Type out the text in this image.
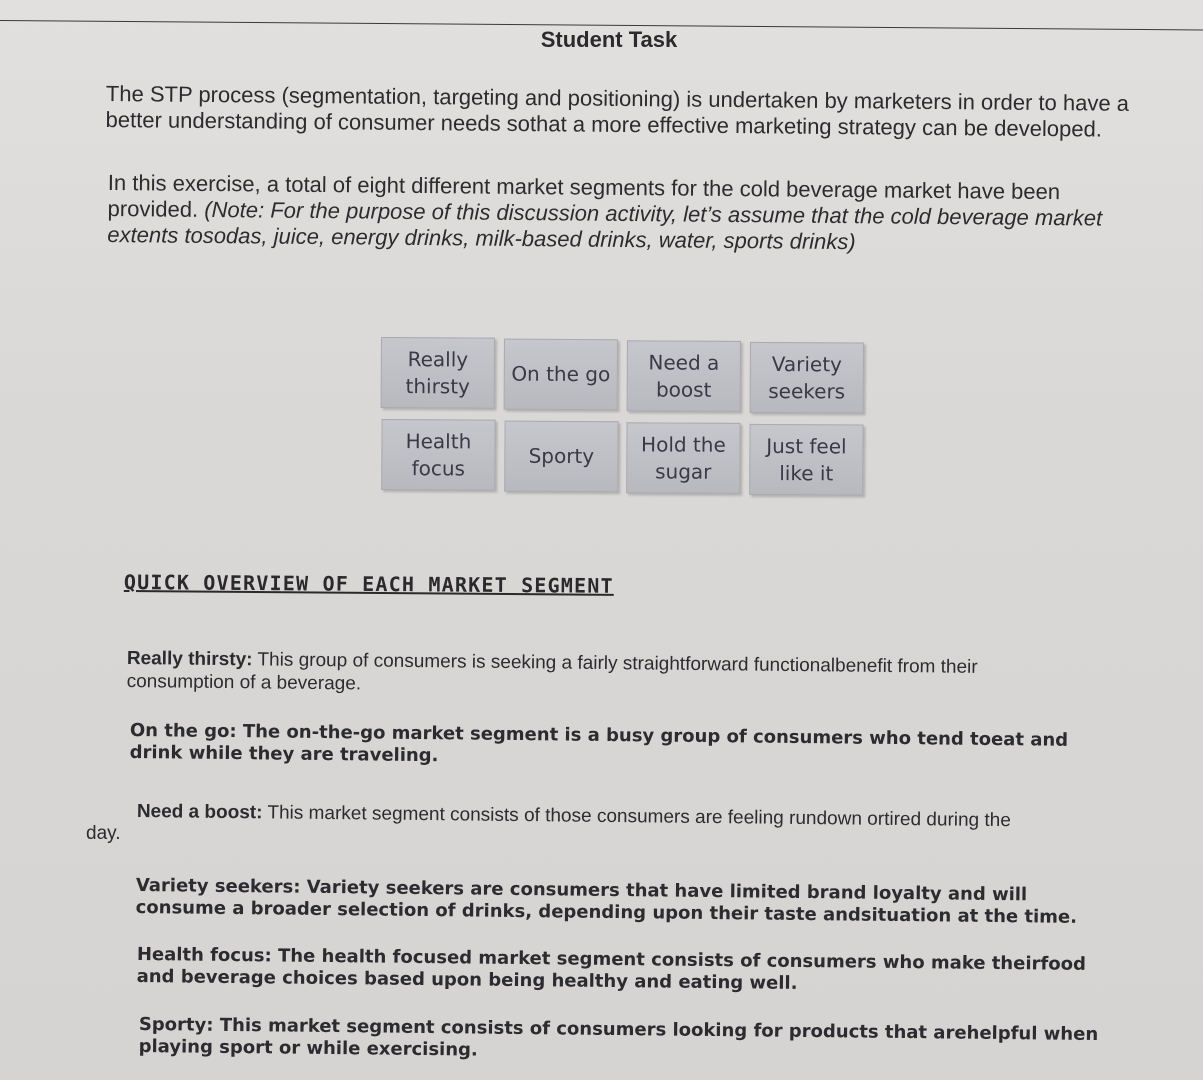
Student Task
The STP process (segmentation, targeting and positioning) is undertaken by marketers in order to have a better understanding of consumer needs sothat a more effective marketing strategy can be developed.
In this exercise, a total of eight different market segments for the cold beverage market have been provided. (Note: For the purpose of this discussion activity, let’s assume that the cold beverage market extents tosodas, juice, energy drinks, milk-based drinks, water, sports drinks)
Really
thirsty	On the go	Need a
boost
Variety
seekers
Health
focus	Sporty	Hold the
sugar
Just feel
like it
QUICK OVERVIEW OF EACH MARKET SEGMENT
Really thirsty: This group of consumers is seeking a fairly straightforward functionalbenefit from their consumption of a beverage.
On the go: The on-the-go market segment is a busy group of consumers who tend toeat and drink while they are traveling.
Need a boost: This market segment consists of those consumers are feeling rundown ortired during the
day.
Variety seekers: Variety seekers are consumers that have limited brand loyalty and will consume a broader selection of drinks, depending upon their taste andsituation at the time.
Health focus: The health focused market segment consists of consumers who make theirfood and beverage choices based upon being healthy and eating well.
Sporty: This market segment consists of consumers looking for products that arehelpful when playing sport or while exercising.
